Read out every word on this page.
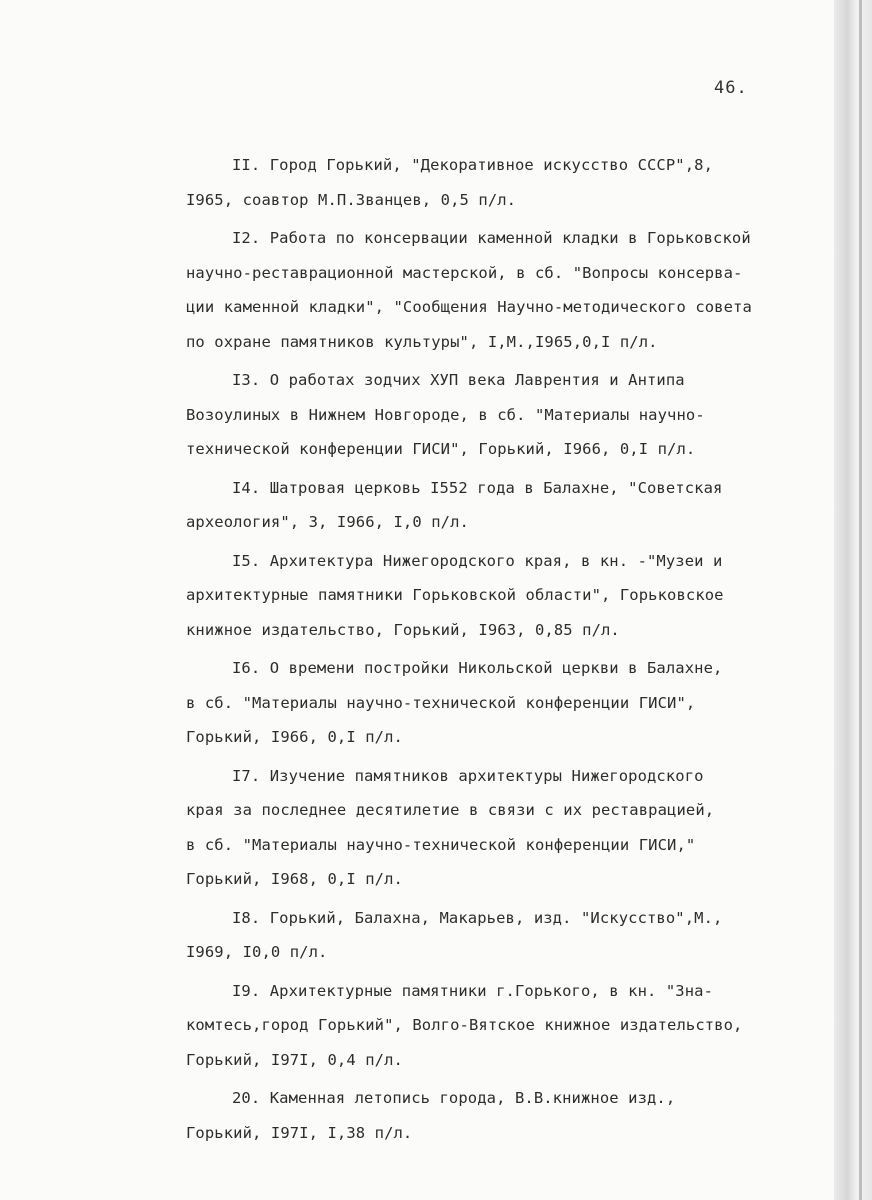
46.
II. Город Горький, "Декоративное искусство СССР",8,
I965, соавтор М.П.Званцев, 0,5 п/л.
I2. Работа по консервации каменной кладки в Горьковской
научно-реставрационной мастерской, в сб. "Вопросы консерва-
ции каменной кладки", "Сообщения Научно-методического совета
по охране памятников культуры", I,М.,I965,0,I п/л.
I3. О работах зодчих ХУП века Лаврентия и Антипа
Возоулиных в Нижнем Новгороде, в сб. "Материалы научно-
технической конференции ГИСИ", Горький, I966, 0,I п/л.
I4. Шатровая церковь I552 года в Балахне, "Советская
археология", 3, I966, I,0 п/л.
I5. Архитектура Нижегородского края, в кн. -"Музеи и
архитектурные памятники Горьковской области", Горьковское
книжное издательство, Горький, I963, 0,85 п/л.
I6. О времени постройки Никольской церкви в Балахне,
в сб. "Материалы научно-технической конференции ГИСИ",
Горький, I966, 0,I п/л.
I7. Изучение памятников архитектуры Нижегородского
края за последнее десятилетие в связи с их реставрацией,
в сб. "Материалы научно-технической конференции ГИСИ,"
Горький, I968, 0,I п/л.
I8. Горький, Балахна, Макарьев, изд. "Искусство",М.,
I969, I0,0 п/л.
I9. Архитектурные памятники г.Горького, в кн. "Зна-
комтесь,город Горький", Волго-Вятское книжное издательство,
Горький, I97I, 0,4 п/л.
20. Каменная летопись города, В.В.книжное изд.,
Горький, I97I, I,38 п/л.
